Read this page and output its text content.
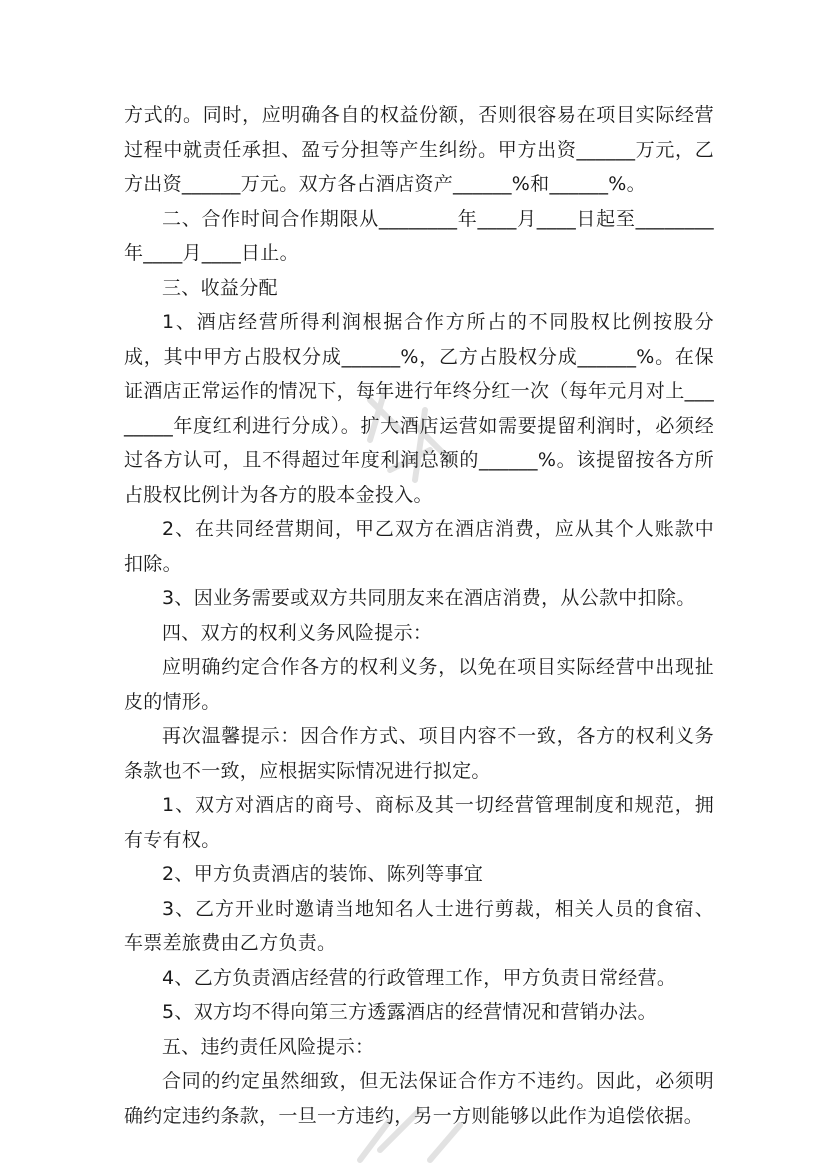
方式的。同时，应明确各自的权益份额，否则很容易在项目实际经营过程中就责任承担、盈亏分担等产生纠纷。甲方出资______万元，乙方出资______万元。双方各占酒店资产______%和______%。

二、合作时间合作期限从________年____月____日起至________年____月____日止。

三、收益分配

1、酒店经营所得利润根据合作方所占的不同股权比例按股分成，其中甲方占股权分成______%，乙方占股权分成______%。在保证酒店正常运作的情况下，每年进行年终分红一次（每年元月对上________年度红利进行分成）。扩大酒店运营如需要提留利润时，必须经过各方认可，且不得超过年度利润总额的______%。该提留按各方所占股权比例计为各方的股本金投入。

2、在共同经营期间，甲乙双方在酒店消费，应从其个人账款中扣除。

3、因业务需要或双方共同朋友来在酒店消费，从公款中扣除。

四、双方的权利义务风险提示：

应明确约定合作各方的权利义务，以免在项目实际经营中出现扯皮的情形。

再次温馨提示：因合作方式、项目内容不一致，各方的权利义务条款也不一致，应根据实际情况进行拟定。

1、双方对酒店的商号、商标及其一切经营管理制度和规范，拥有专有权。

2、甲方负责酒店的装饰、陈列等事宜

3、乙方开业时邀请当地知名人士进行剪裁，相关人员的食宿、车票差旅费由乙方负责。

4、乙方负责酒店经营的行政管理工作，甲方负责日常经营。

5、双方均不得向第三方透露酒店的经营情况和营销办法。

五、违约责任风险提示：

合同的约定虽然细致，但无法保证合作方不违约。因此，必须明确约定违约条款，一旦一方违约，另一方则能够以此作为追偿依据。
